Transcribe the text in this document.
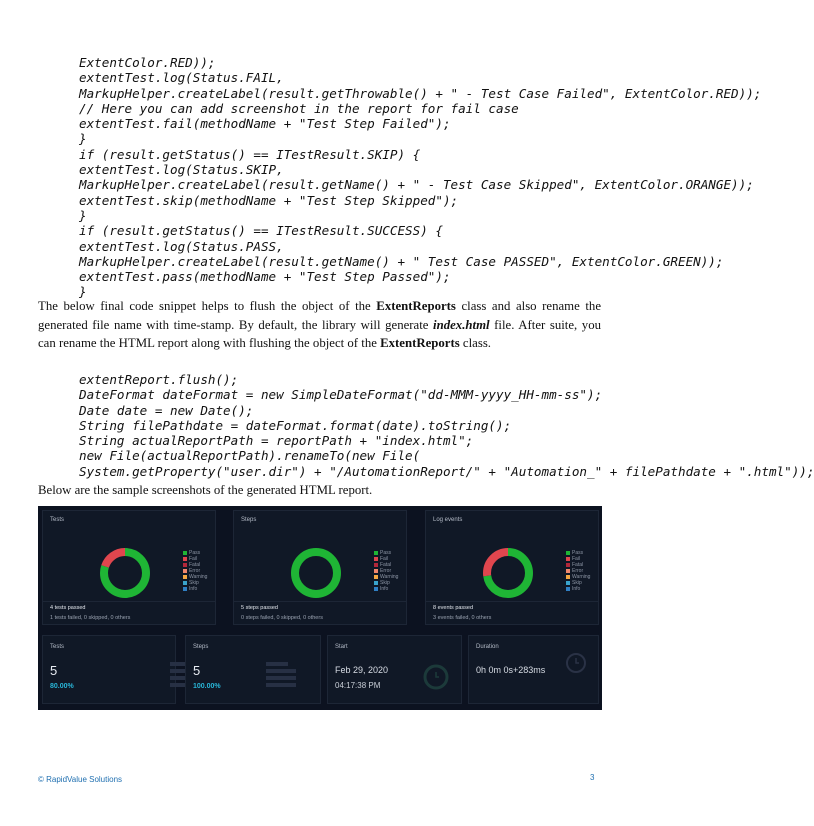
ExtentColor.RED));
extentTest.log(Status.FAIL,
MarkupHelper.createLabel(result.getThrowable() + " - Test Case Failed", ExtentColor.RED));
// Here you can add screenshot in the report for fail case
extentTest.fail(methodName + "Test Step Failed");
}
if (result.getStatus() == ITestResult.SKIP) {
extentTest.log(Status.SKIP,
MarkupHelper.createLabel(result.getName() + " - Test Case Skipped", ExtentColor.ORANGE));
extentTest.skip(methodName + "Test Step Skipped");
}
if (result.getStatus() == ITestResult.SUCCESS) {
extentTest.log(Status.PASS,
MarkupHelper.createLabel(result.getName() + " Test Case PASSED", ExtentColor.GREEN));
extentTest.pass(methodName + "Test Step Passed");
}

The below final code snippet helps to flush the object of the ExtentReports class and also rename the generated file name with time-stamp. By default, the library will generate index.html file. After suite, you can rename the HTML report along with flushing the object of the ExtentReports class.

extentReport.flush();
DateFormat dateFormat = new SimpleDateFormat("dd-MMM-yyyy_HH-mm-ss");
Date date = new Date();
String filePathdate = dateFormat.format(date).toString();
String actualReportPath = reportPath + "index.html";
new File(actualReportPath).renameTo(new File(
System.getProperty("user.dir") + "/AutomationReport/" + "Automation_" + filePathdate + ".html"));

Below are the sample screenshots of the generated HTML report.

Tests
Pass
Fail
Fatal
Error
Warning
Skip
Info
4 tests passed
1 tests failed, 0 skipped, 0 others
Steps
Pass
Fail
Fatal
Error
Warning
Skip
Info
5 steps passed
0 steps failed, 0 skipped, 0 others
Log events
Pass
Fail
Fatal
Error
Warning
Skip
Info
8 events passed
3 events failed, 0 others
Tests
5
80.00%
Steps
5
100.00%
Start
Feb 29, 2020
04:17:38 PM
Duration
0h 0m 0s+283ms
© RapidValue Solutions	3
